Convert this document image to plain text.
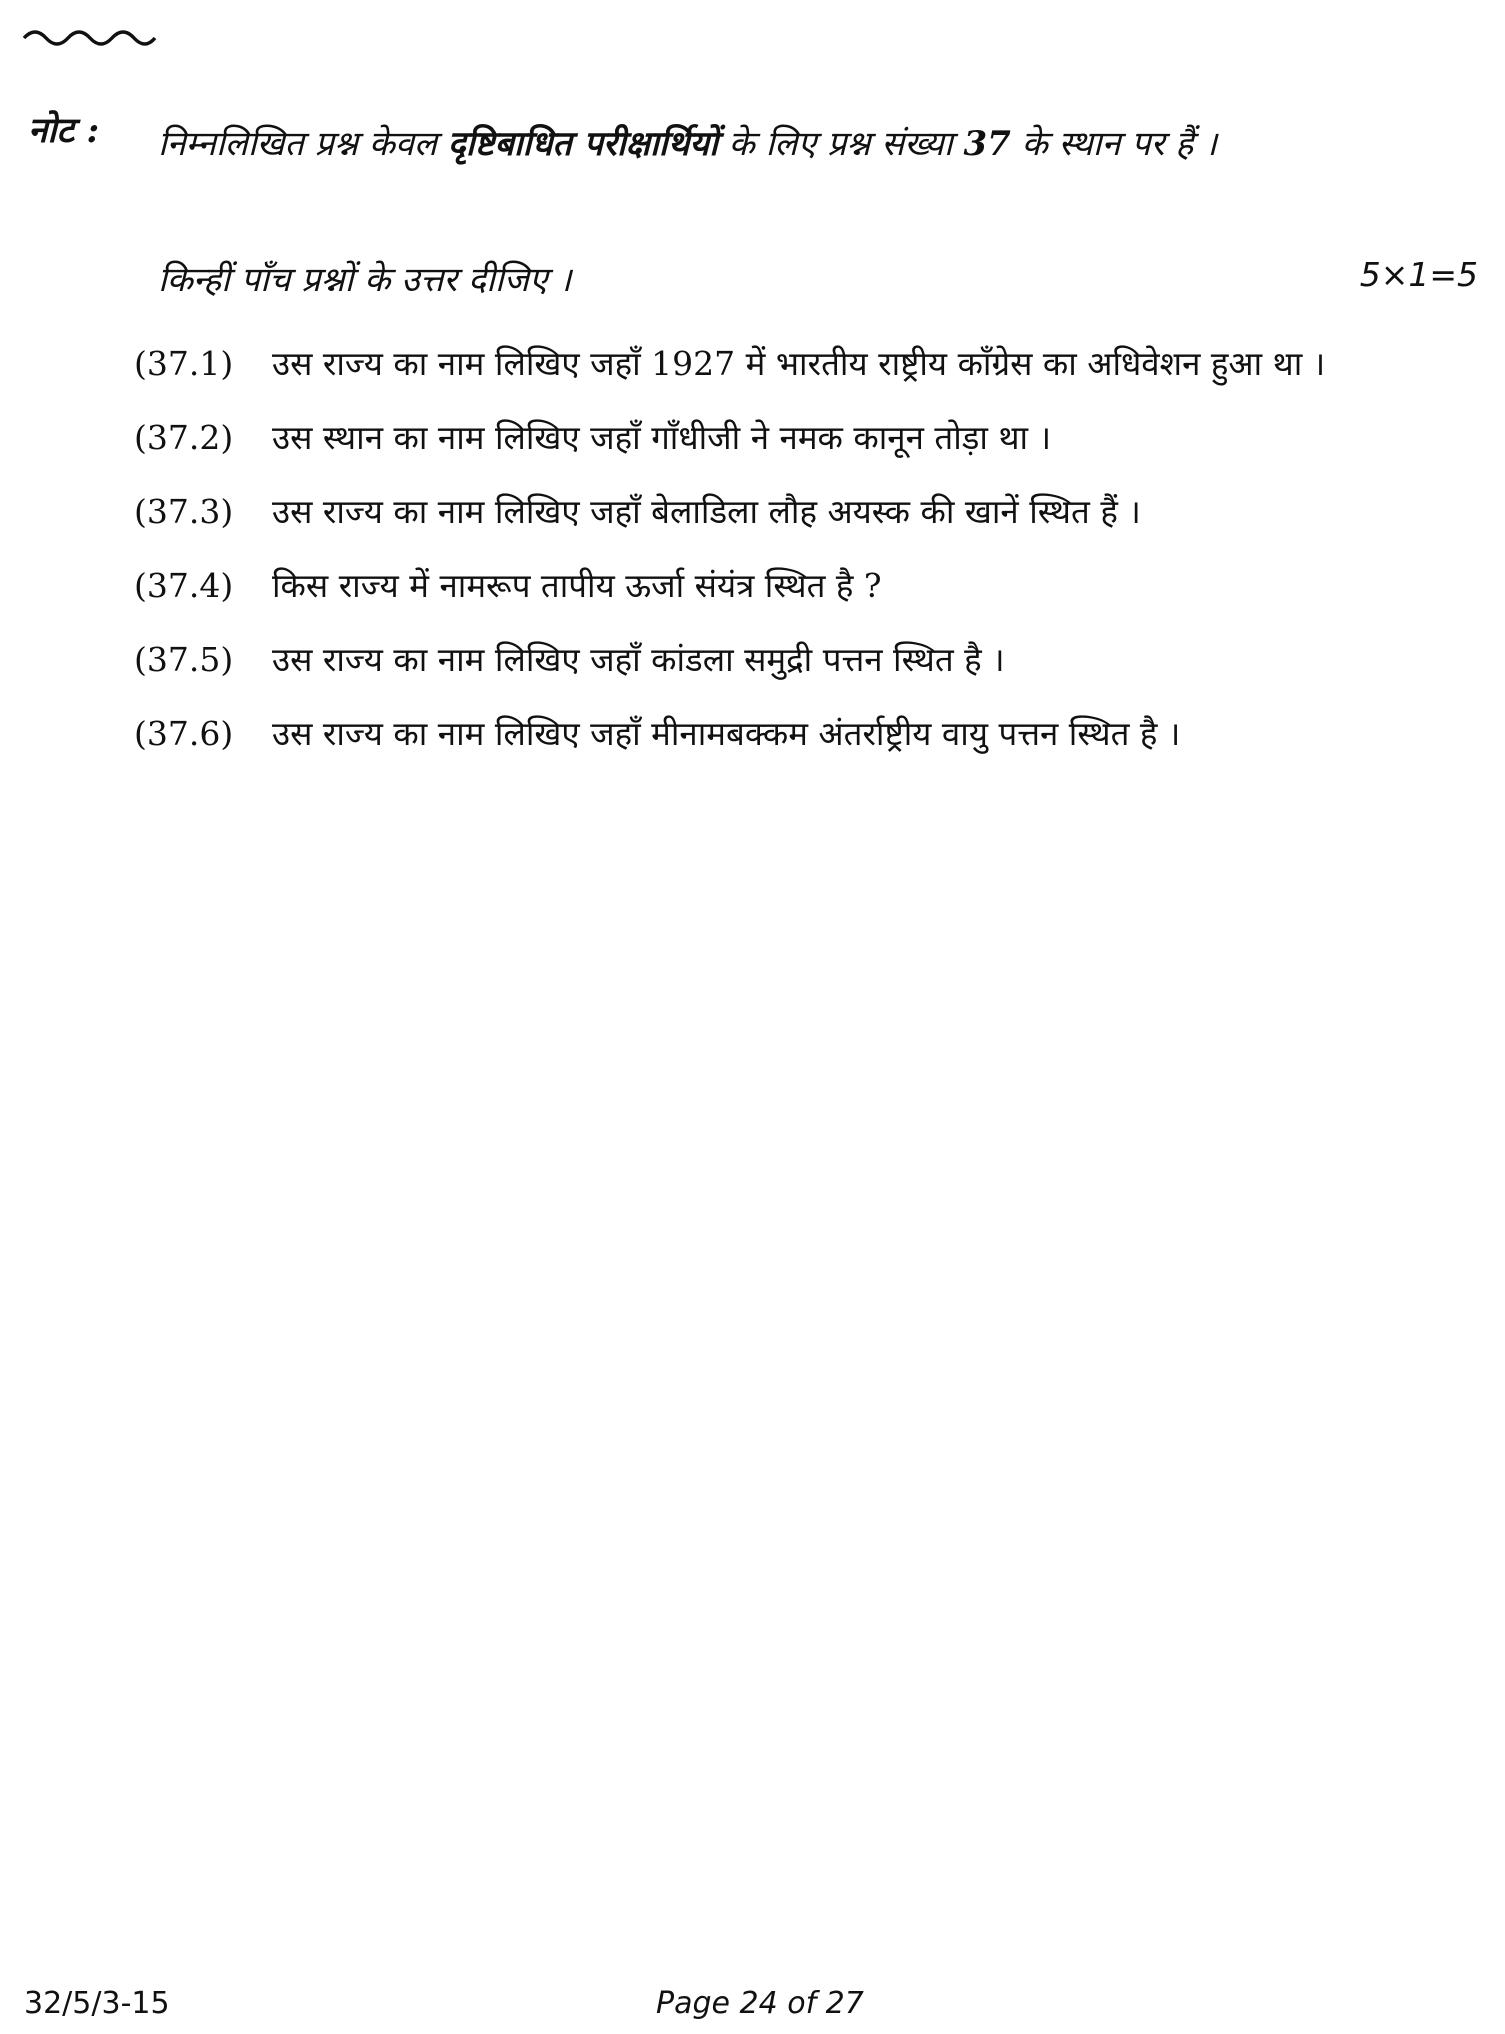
नोट : निम्नलिखित प्रश्न केवल दृष्टिबाधित परीक्षार्थियों के लिए प्रश्न संख्या 37 के स्थान पर हैं ।
किन्हीं पाँच प्रश्नों के उत्तर दीजिए ।	5×1=5
(37.1)	उस राज्य का नाम लिखिए जहाँ 1927 में भारतीय राष्ट्रीय काँग्रेस का अधिवेशन हुआ था ।
(37.2)	उस स्थान का नाम लिखिए जहाँ गाँधीजी ने नमक कानून तोड़ा था ।
(37.3)	उस राज्य का नाम लिखिए जहाँ बेलाडिला लौह अयस्क की खानें स्थित हैं ।
(37.4)	किस राज्य में नामरूप तापीय ऊर्जा संयंत्र स्थित है ?
(37.5)	उस राज्य का नाम लिखिए जहाँ कांडला समुद्री पत्तन स्थित है ।
(37.6)	उस राज्य का नाम लिखिए जहाँ मीनामबक्कम अंतर्राष्ट्रीय वायु पत्तन स्थित है ।
32/5/3-15	Page 24 of 27
